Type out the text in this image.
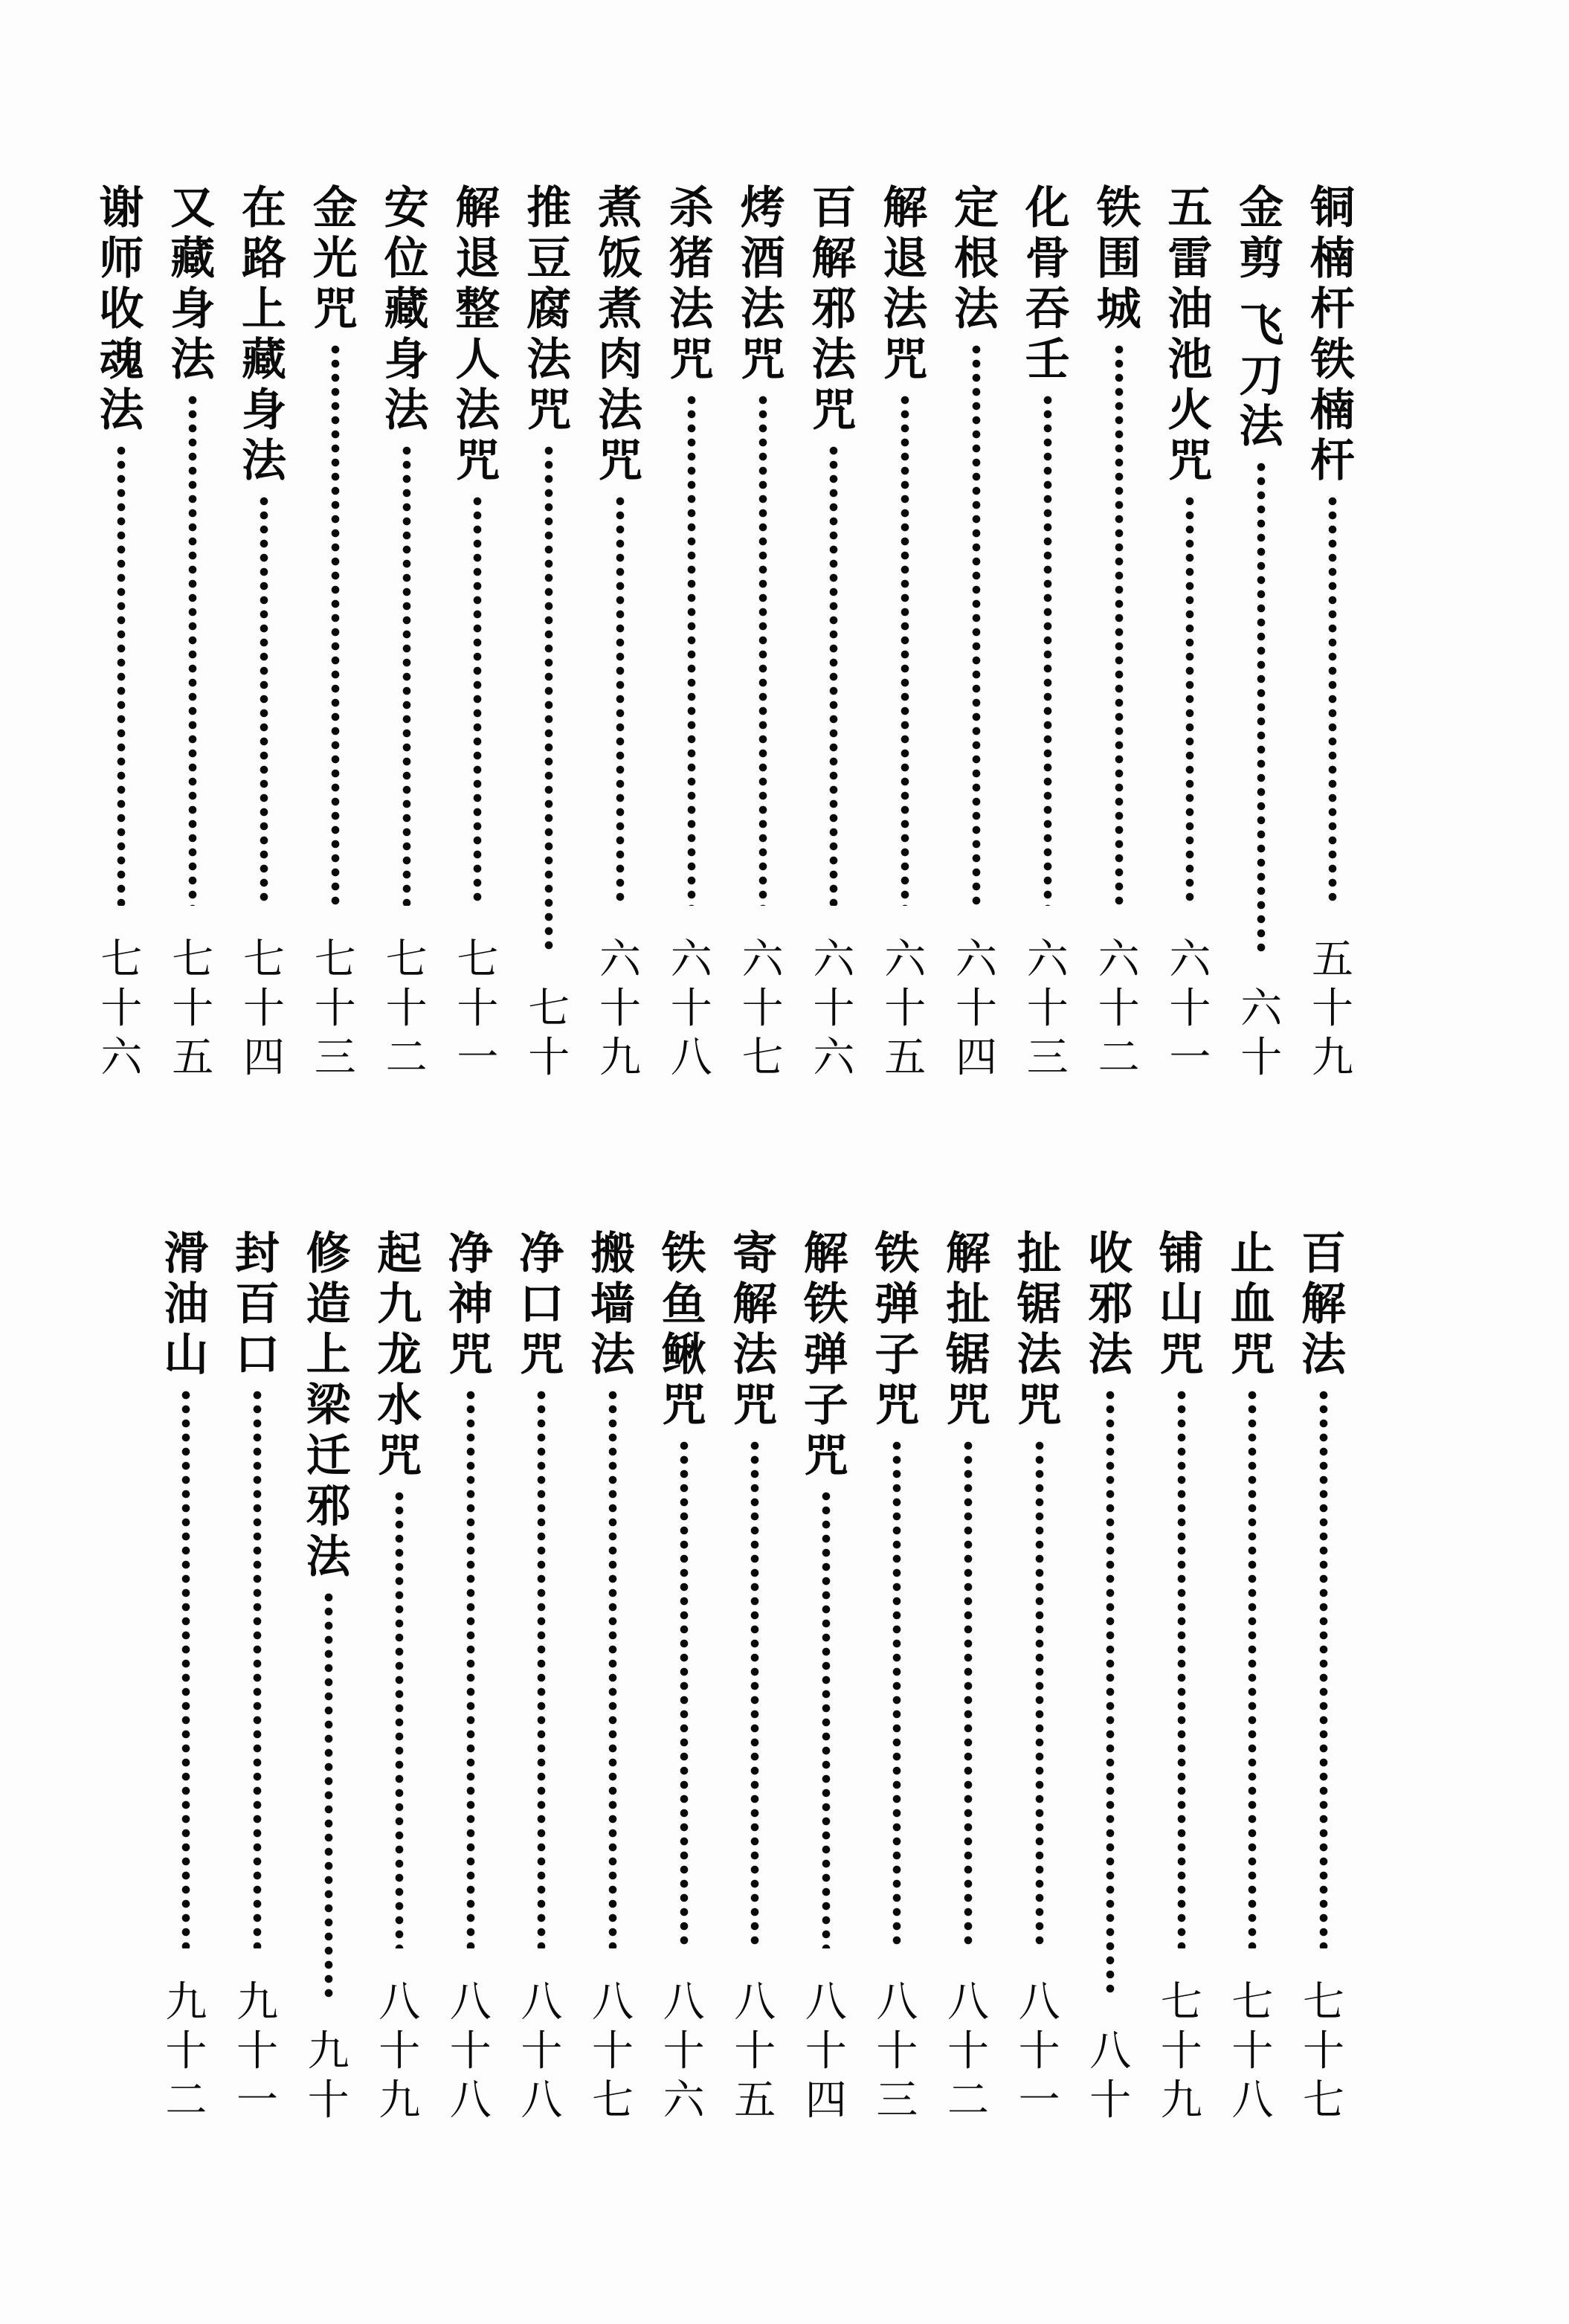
铜
楠
杆
铁
楠
杆
五
十
九
金
剪
飞
刀
法
六
十
五
雷
油
池
火
咒
六
十
一
铁
围
城
六
十
二
化
骨
吞
壬
六
十
三
定
根
法
六
十
四
解
退
法
咒
六
十
五
百
解
邪
法
咒
六
十
六
烤
酒
法
咒
六
十
七
杀
猪
法
咒
六
十
八
煮
饭
煮
肉
法
咒
六
十
九
推
豆
腐
法
咒
七
十
解
退
整
人
法
咒
七
十
一
安
位
藏
身
法
七
十
二
金
光
咒
七
十
三
在
路
上
藏
身
法
七
十
四
又
藏
身
法
七
十
五
谢
师
收
魂
法
七
十
六
百
解
法
七
十
七
止
血
咒
七
十
八
铺
山
咒
七
十
九
收
邪
法
八
十
扯
锯
法
咒
八
十
一
解
扯
锯
咒
八
十
二
铁
弹
子
咒
八
十
三
解
铁
弹
子
咒
八
十
四
寄
解
法
咒
八
十
五
铁
鱼
鳅
咒
八
十
六
搬
墙
法
八
十
七
净
口
咒
八
十
八
净
神
咒
八
十
八
起
九
龙
水
咒
八
十
九
修
造
上
梁
迁
邪
法
九
十
封
百
口
九
十
一
滑
油
山
九
十
二
